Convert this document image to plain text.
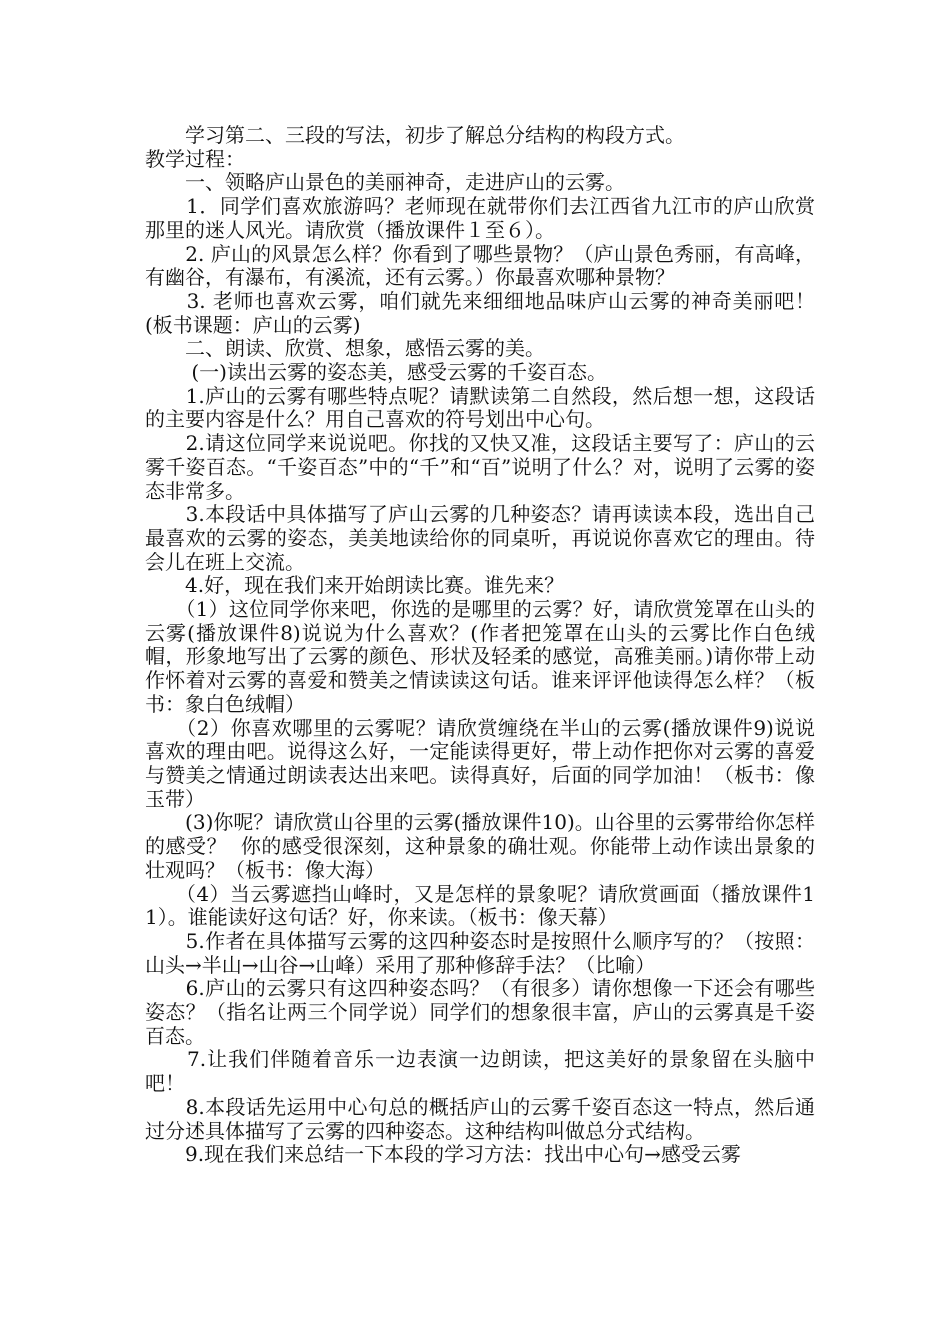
　　学习第二、三段的写法，初步了解总分结构的构段方式。

教学过程：

　　一、领略庐山景色的美丽神奇，走进庐山的云雾。

　　1．同学们喜欢旅游吗？老师现在就带你们去江西省九江市的庐山欣赏那里的迷人风光。请欣赏（播放课件１至６）。

　　2. 庐山的风景怎么样？你看到了哪些景物？（庐山景色秀丽，有高峰，有幽谷，有瀑布，有溪流，还有云雾。）你最喜欢哪种景物？

　　3. 老师也喜欢云雾，咱们就先来细细地品味庐山云雾的神奇美丽吧！(板书课题：庐山的云雾)

　　二、朗读、欣赏、想象，感悟云雾的美。

　　 (一)读出云雾的姿态美，感受云雾的千姿百态。

　　1.庐山的云雾有哪些特点呢？请默读第二自然段，然后想一想，这段话的主要内容是什么？用自己喜欢的符号划出中心句。

　　2.请这位同学来说说吧。你找的又快又准，这段话主要写了：庐山的云雾千姿百态。“千姿百态”中的“千”和“百”说明了什么？对，说明了云雾的姿态非常多。

　　3.本段话中具体描写了庐山云雾的几种姿态？请再读读本段，选出自己最喜欢的云雾的姿态，美美地读给你的同桌听，再说说你喜欢它的理由。待会儿在班上交流。

　　4.好，现在我们来开始朗读比赛。谁先来？

　　（1）这位同学你来吧，你选的是哪里的云雾？好，请欣赏笼罩在山头的云雾(播放课件8)说说为什么喜欢？(作者把笼罩在山头的云雾比作白色绒帽，形象地写出了云雾的颜色、形状及轻柔的感觉，高雅美丽。)请你带上动作怀着对云雾的喜爱和赞美之情读读这句话。谁来评评他读得怎么样？（板书：象白色绒帽）

　　（2）你喜欢哪里的云雾呢？请欣赏缠绕在半山的云雾(播放课件9)说说喜欢的理由吧。说得这么好，一定能读得更好，带上动作把你对云雾的喜爱与赞美之情通过朗读表达出来吧。读得真好，后面的同学加油！（板书：像玉带）

　　(3)你呢？请欣赏山谷里的云雾(播放课件10)。山谷里的云雾带给你怎样的感受？  你的感受很深刻，这种景象的确壮观。你能带上动作读出景象的壮观吗？（板书：像大海）

　　（4）当云雾遮挡山峰时，又是怎样的景象呢？请欣赏画面（播放课件11）。谁能读好这句话？好，你来读。（板书：像天幕）

　　5.作者在具体描写云雾的这四种姿态时是按照什么顺序写的？（按照：山头→半山→山谷→山峰）采用了那种修辞手法？（比喻）

　　6.庐山的云雾只有这四种姿态吗？（有很多）请你想像一下还会有哪些姿态？（指名让两三个同学说）同学们的想象很丰富，庐山的云雾真是千姿百态。

　　7.让我们伴随着音乐一边表演一边朗读，把这美好的景象留在头脑中吧！

　　8.本段话先运用中心句总的概括庐山的云雾千姿百态这一特点，然后通过分述具体描写了云雾的四种姿态。这种结构叫做总分式结构。

　　9.现在我们来总结一下本段的学习方法：找出中心句→感受云雾
